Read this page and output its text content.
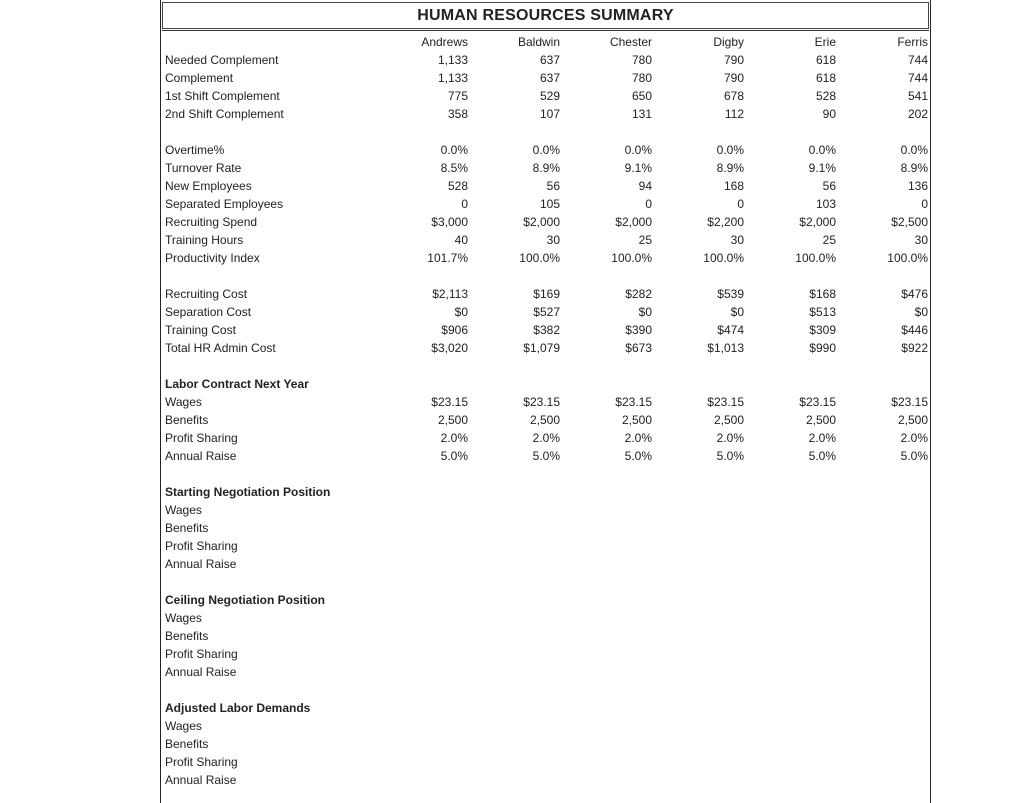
HUMAN RESOURCES SUMMARY
Andrews	Baldwin	Chester	Digby	Erie	Ferris
Needed Complement	1,133	637	780	790	618	744
Complement	1,133	637	780	790	618	744
1st Shift Complement	775	529	650	678	528	541
2nd Shift Complement	358	107	131	112	90	202
Overtime%	0.0%	0.0%	0.0%	0.0%	0.0%	0.0%
Turnover Rate	8.5%	8.9%	9.1%	8.9%	9.1%	8.9%
New Employees	528	56	94	168	56	136
Separated Employees	0	105	0	0	103	0
Recruiting Spend	$3,000	$2,000	$2,000	$2,200	$2,000	$2,500
Training Hours	40	30	25	30	25	30
Productivity Index	101.7%	100.0%	100.0%	100.0%	100.0%	100.0%
Recruiting Cost	$2,113	$169	$282	$539	$168	$476
Separation Cost	$0	$527	$0	$0	$513	$0
Training Cost	$906	$382	$390	$474	$309	$446
Total HR Admin Cost	$3,020	$1,079	$673	$1,013	$990	$922
Labor Contract Next Year
Wages	$23.15	$23.15	$23.15	$23.15	$23.15	$23.15
Benefits	2,500	2,500	2,500	2,500	2,500	2,500
Profit Sharing	2.0%	2.0%	2.0%	2.0%	2.0%	2.0%
Annual Raise	5.0%	5.0%	5.0%	5.0%	5.0%	5.0%
Starting Negotiation Position
Wages
Benefits
Profit Sharing
Annual Raise
Ceiling Negotiation Position
Wages
Benefits
Profit Sharing
Annual Raise
Adjusted Labor Demands
Wages
Benefits
Profit Sharing
Annual Raise
